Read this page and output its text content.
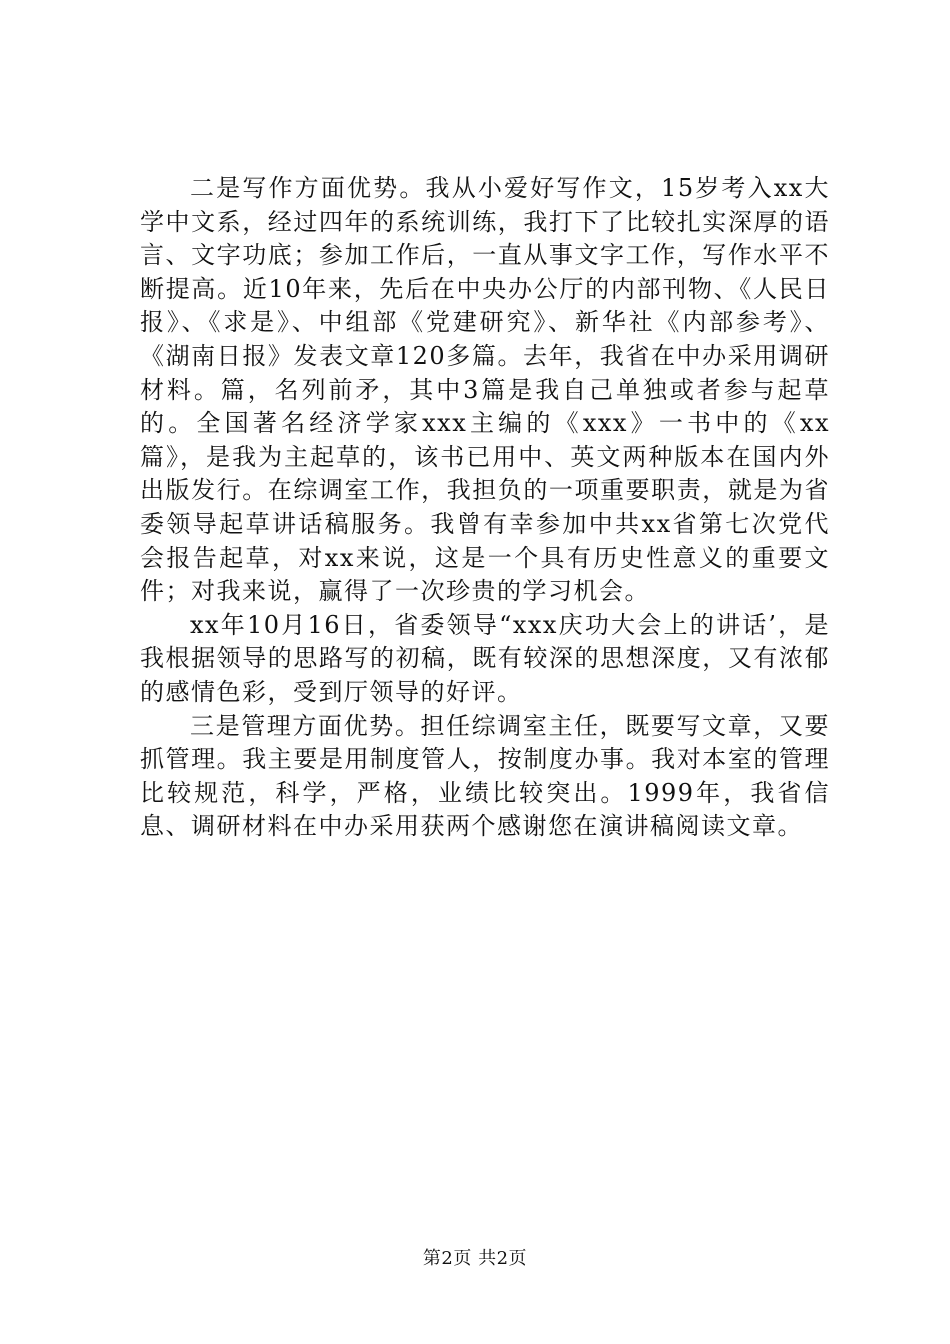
二是写作方面优势。我从小爱好写作文，15岁考入xx大学中文系，经过四年的系统训练，我打下了比较扎实深厚的语言、文字功底；参加工作后，一直从事文字工作，写作水平不断提高。近10年来，先后在中央办公厅的内部刊物、《人民日报》、《求是》、中组部《党建研究》、新华社《内部参考》、《湖南日报》发表文章120多篇。去年，我省在中办采用调研材料。篇，名列前矛，其中3篇是我自己单独或者参与起草的。全国著名经济学家xxx主编的《xxx》一书中的《xx篇》，是我为主起草的，该书已用中、英文两种版本在国内外出版发行。在综调室工作，我担负的一项重要职责，就是为省委领导起草讲话稿服务。我曾有幸参加中共xx省第七次党代会报告起草，对xx来说，这是一个具有历史性意义的重要文件；对我来说，赢得了一次珍贵的学习机会。

xx年10月16日，省委领导“xxx庆功大会上的讲话’，是我根据领导的思路写的初稿，既有较深的思想深度，又有浓郁的感情色彩，受到厅领导的好评。

三是管理方面优势。担任综调室主任，既要写文章，又要抓管理。我主要是用制度管人，按制度办事。我对本室的管理比较规范，科学，严格，业绩比较突出。1999年，我省信息、调研材料在中办采用获两个感谢您在演讲稿阅读文章。

第2页 共2页
